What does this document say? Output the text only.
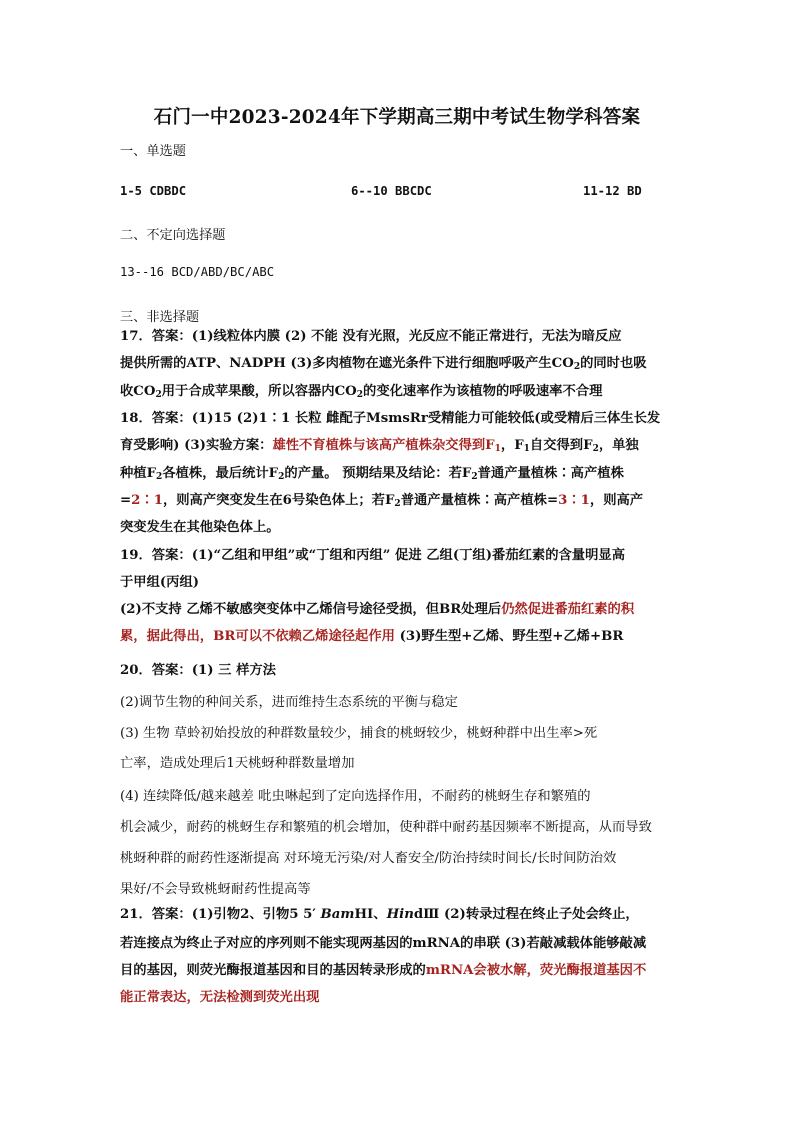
石门一中2023-2024年下学期高三期中考试生物学科答案
一、单选题
1-5 CDBDC	6--10 BBCDC	11-12 BD
二、不定向选择题
13--16 BCD/ABD/BC/ABC
三、非选择题
17．答案：(1)线粒体内膜 (2) 不能 没有光照，光反应不能正常进行，无法为暗反应
提供所需的ATP、NADPH (3)多肉植物在遮光条件下进行细胞呼吸产生$CO_2$的同时也吸
收$CO_2$用于合成苹果酸，所以容器内$CO_2$的变化速率作为该植物的呼吸速率不合理
18．答案：(1)15 (2)1∶1 长粒 雌配子MsmsRr受精能力可能较低(或受精后三体生长发
育受影响) (3)实验方案：雄性不育植株与该高产植株杂交得到$F_1$，$F_1$自交得到$F_2$，单独
种植$F_2$各植株，最后统计$F_2$的产量。 预期结果及结论：若$F_2$普通产量植株∶高产植株
=2∶1，则高产突变发生在6号染色体上；若$F_2$普通产量植株∶高产植株=3∶1，则高产
突变发生在其他染色体上。
19．答案：(1)“乙组和甲组”或“丁组和丙组” 促进 乙组(丁组)番茄红素的含量明显高
于甲组(丙组)
(2)不支持 乙烯不敏感突变体中乙烯信号途径受损，但BR处理后仍然促进番茄红素的积
累，据此得出，BR可以不依赖乙烯途径起作用 (3)野生型+乙烯、野生型+乙烯+BR
20．答案：(1) 三 样方法
(2)调节生物的种间关系，进而维持生态系统的平衡与稳定
(3) 生物 草蛉初始投放的种群数量较少，捕食的桃蚜较少，桃蚜种群中出生率>死
亡率，造成处理后1天桃蚜种群数量增加
(4) 连续降低/越来越差 吡虫啉起到了定向选择作用，不耐药的桃蚜生存和繁殖的
机会减少，耐药的桃蚜生存和繁殖的机会增加，使种群中耐药基因频率不断提高，从而导致
桃蚜种群的耐药性逐渐提高 对环境无污染/对人畜安全/防治持续时间长/长时间防治效
果好/不会导致桃蚜耐药性提高等
21．答案：(1)引物2、引物5 5′ BamHⅠ、HindⅢ (2)转录过程在终止子处会终止，
若连接点为终止子对应的序列则不能实现两基因的mRNA的串联 (3)若敲减载体能够敲减
目的基因，则荧光酶报道基因和目的基因转录形成的mRNA会被水解，荧光酶报道基因不
能正常表达，无法检测到荧光出现
